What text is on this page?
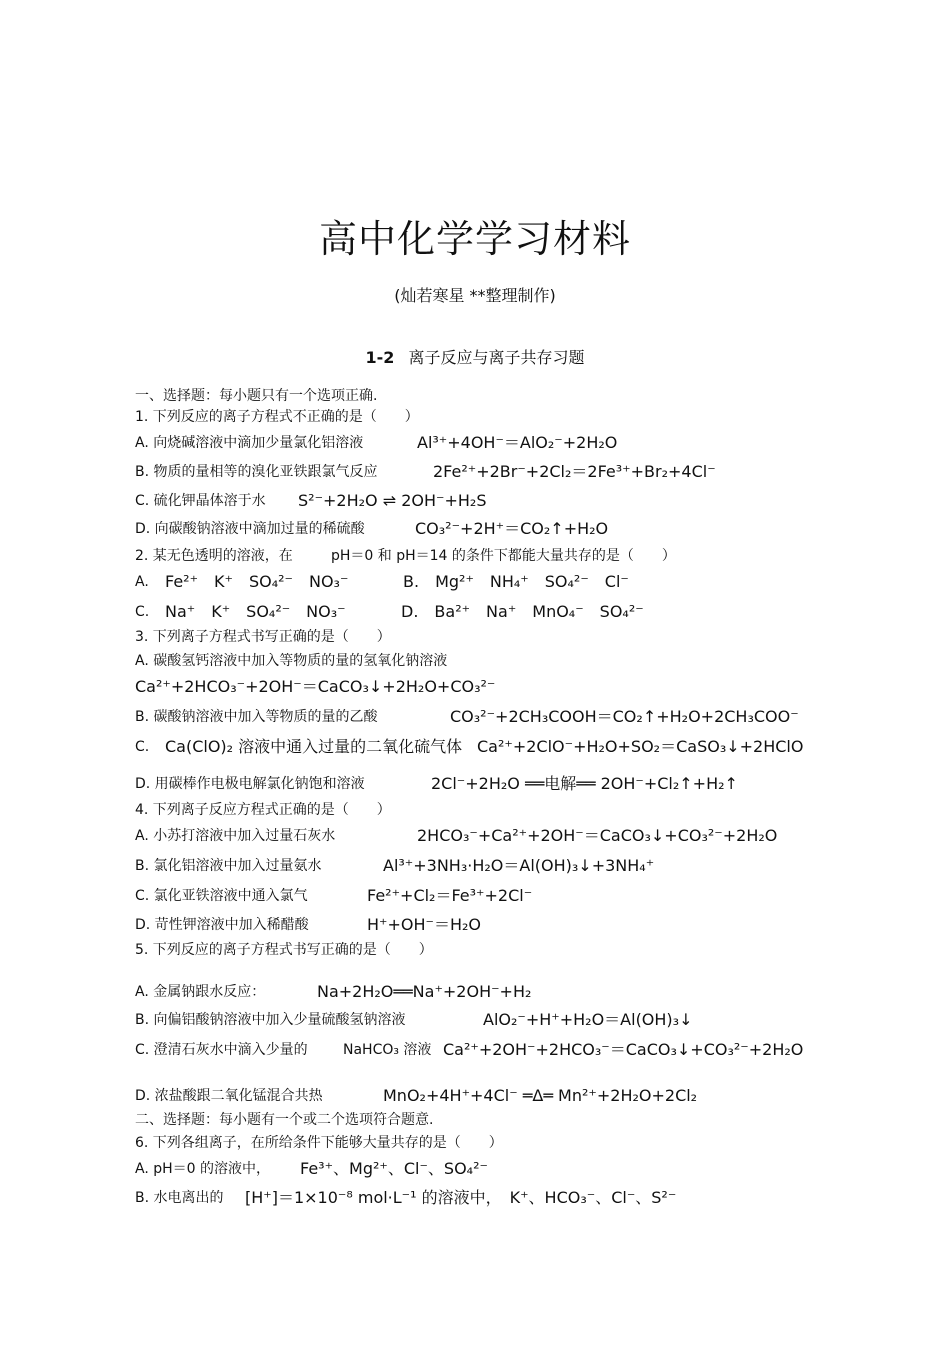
高中化学学习材料
(灿若寒星 **整理制作)
1-2 离子反应与离子共存习题
一、选择题：每小题只有一个选项正确.
1. 下列反应的离子方程式不正确的是（　　）
A. 向烧碱溶液中滴加少量氯化铝溶液	Al³⁺+4OH⁻＝AlO₂⁻+2H₂O
B. 物质的量相等的溴化亚铁跟氯气反应	2Fe²⁺+2Br⁻+2Cl₂＝2Fe³⁺+Br₂+4Cl⁻
C. 硫化钾晶体溶于水 S²⁻+2H₂O ⇌ 2OH⁻+H₂S
D. 向碳酸钠溶液中滴加过量的稀硫酸	CO₃²⁻+2H⁺＝CO₂↑+H₂O
2. 某无色透明的溶液，在	pH＝0 和 pH＝14 的条件下都能大量共存的是（　　）
A. Fe²⁺　K⁺　SO₄²⁻　NO₃⁻	B.　Mg²⁺　NH₄⁺　SO₄²⁻　Cl⁻
C. Na⁺　K⁺　SO₄²⁻　NO₃⁻	D.　Ba²⁺　Na⁺　MnO₄⁻　SO₄²⁻
3. 下列离子方程式书写正确的是（　　）
A. 碳酸氢钙溶液中加入等物质的量的氢氧化钠溶液
Ca²⁺+2HCO₃⁻+2OH⁻＝CaCO₃↓+2H₂O+CO₃²⁻
B. 碳酸钠溶液中加入等物质的量的乙酸	CO₃²⁻+2CH₃COOH＝CO₂↑+H₂O+2CH₃COO⁻
C. Ca(ClO)₂ 溶液中通入过量的二氧化硫气体 Ca²⁺+2ClO⁻+H₂O+SO₂＝CaSO₃↓+2HClO
D. 用碳棒作电极电解氯化钠饱和溶液	2Cl⁻+2H₂O ══电解══ 2OH⁻+Cl₂↑+H₂↑
4. 下列离子反应方程式正确的是（　　）
A. 小苏打溶液中加入过量石灰水	2HCO₃⁻+Ca²⁺+2OH⁻＝CaCO₃↓+CO₃²⁻+2H₂O
B. 氯化铝溶液中加入过量氨水	Al³⁺+3NH₃·H₂O＝Al(OH)₃↓+3NH₄⁺
C. 氯化亚铁溶液中通入氯气	Fe²⁺+Cl₂＝Fe³⁺+2Cl⁻
D. 苛性钾溶液中加入稀醋酸	H⁺+OH⁻＝H₂O
5. 下列反应的离子方程式书写正确的是（　　）
A. 金属钠跟水反应：	Na+2H₂O══Na⁺+2OH⁻+H₂
B. 向偏铝酸钠溶液中加入少量硫酸氢钠溶液	AlO₂⁻+H⁺+H₂O＝Al(OH)₃↓
C. 澄清石灰水中滴入少量的	NaHCO₃ 溶液 Ca²⁺+2OH⁻+2HCO₃⁻＝CaCO₃↓+CO₃²⁻+2H₂O
D. 浓盐酸跟二氧化锰混合共热	MnO₂+4H⁺+4Cl⁻ ═Δ═ Mn²⁺+2H₂O+2Cl₂
二、选择题：每小题有一个或二个选项符合题意.
6. 下列各组离子，在所给条件下能够大量共存的是（　　）
A. pH＝0 的溶液中， Fe³⁺、Mg²⁺、Cl⁻、SO₄²⁻
B. 水电离出的 [H⁺]＝1×10⁻⁸ mol·L⁻¹ 的溶液中，　K⁺、HCO₃⁻、Cl⁻、S²⁻
